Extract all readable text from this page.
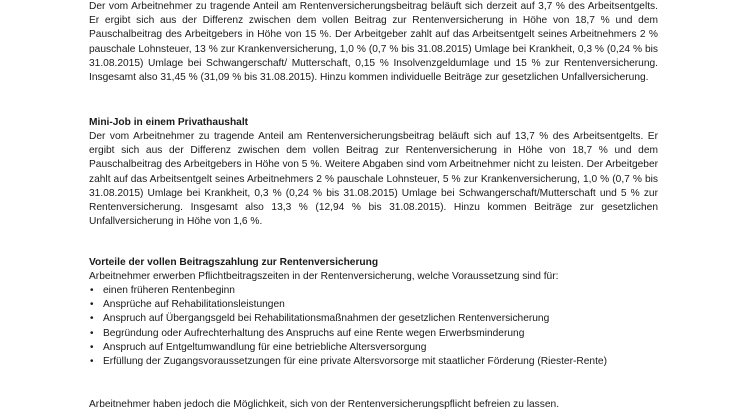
Der vom Arbeitnehmer zu tragende Anteil am Rentenversicherungsbeitrag beläuft sich derzeit auf 3,7 % des Arbeitsentgelts. Er ergibt sich aus der Differenz zwischen dem vollen Beitrag zur Rentenversicherung in Höhe von 18,7 % und dem Pauschalbeitrag des Arbeitgebers in Höhe von 15 %. Der Arbeitgeber zahlt auf das Arbeitsentgelt seines Arbeitnehmers 2 % pauschale Lohnsteuer, 13 % zur Krankenversicherung, 1,0 % (0,7 % bis 31.08.2015) Umlage bei Krankheit, 0,3 % (0,24 % bis 31.08.2015) Umlage bei Schwangerschaft/ Mutterschaft, 0,15 % Insolvenzgeldumlage und 15 % zur Rentenversicherung. Insgesamt also 31,45 % (31,09 % bis 31.08.2015). Hinzu kommen individuelle Beiträge zur gesetzlichen Unfallversicherung.

Mini-Job in einem Privathaushalt

Der vom Arbeitnehmer zu tragende Anteil am Rentenversicherungsbeitrag beläuft sich auf 13,7 % des Arbeitsentgelts. Er ergibt sich aus der Differenz zwischen dem vollen Beitrag zur Rentenversicherung in Höhe von 18,7 % und dem Pauschalbeitrag des Arbeitgebers in Höhe von 5 %. Weitere Abgaben sind vom Arbeitnehmer nicht zu leisten. Der Arbeitgeber zahlt auf das Arbeitsentgelt seines Arbeitnehmers 2 % pauschale Lohnsteuer, 5 % zur Krankenversicherung, 1,0 % (0,7 % bis 31.08.2015) Umlage bei Krankheit, 0,3 % (0,24 % bis 31.08.2015) Umlage bei Schwangerschaft/Mutterschaft und 5 % zur Rentenversicherung. Insgesamt also 13,3 % (12,94 % bis 31.08.2015). Hinzu kommen Beiträge zur gesetzlichen Unfallversicherung in Höhe von 1,6 %.

Vorteile der vollen Beitragszahlung zur Rentenversicherung

Arbeitnehmer erwerben Pflichtbeitragszeiten in der Rentenversicherung, welche Voraussetzung sind für:

• einen früheren Rentenbeginn
• Ansprüche auf Rehabilitationsleistungen
• Anspruch auf Übergangsgeld bei Rehabilitationsmaßnahmen der gesetzlichen Rentenversicherung
• Begründung oder Aufrechterhaltung des Anspruchs auf eine Rente wegen Erwerbsminderung
• Anspruch auf Entgeltumwandlung für eine betriebliche Altersversorgung
• Erfüllung der Zugangsvoraussetzungen für eine private Altersvorsorge mit staatlicher Förderung (Riester-Rente)

Arbeitnehmer haben jedoch die Möglichkeit, sich von der Rentenversicherungspflicht befreien zu lassen.
